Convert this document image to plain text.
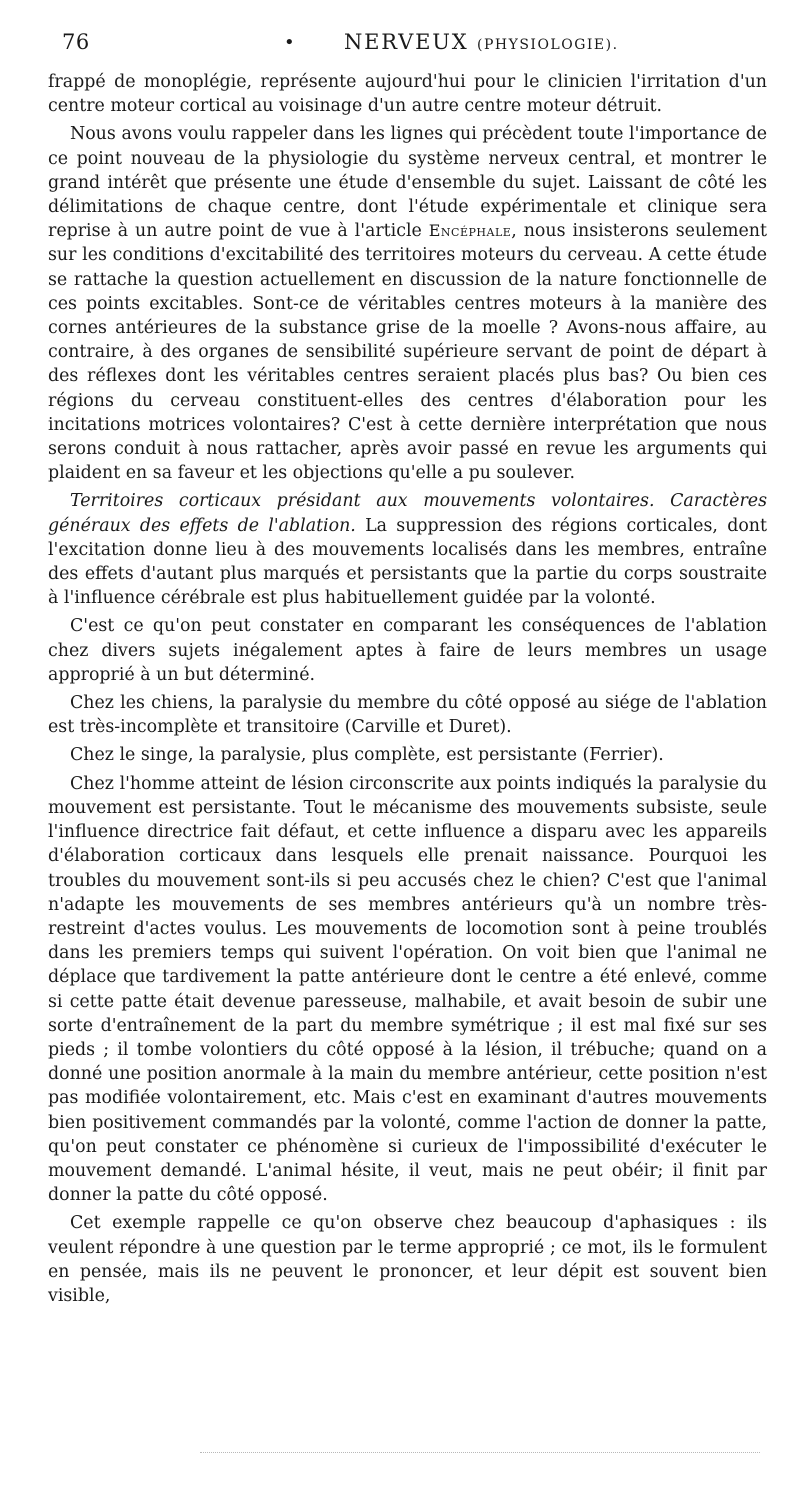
76	• NERVEUX (PHYSIOLOGIE).

frappé de monoplégie, représente aujourd'hui pour le clinicien l'irritation d'un centre moteur cortical au voisinage d'un autre centre moteur détruit.

Nous avons voulu rappeler dans les lignes qui précèdent toute l'importance de ce point nouveau de la physiologie du système nerveux central, et montrer le grand intérêt que présente une étude d'ensemble du sujet. Laissant de côté les délimitations de chaque centre, dont l'étude expérimentale et clinique sera reprise à un autre point de vue à l'article Encéphale, nous insisterons seulement sur les conditions d'excitabilité des territoires moteurs du cerveau. A cette étude se rattache la question actuellement en discussion de la nature fonctionnelle de ces points excitables. Sont-ce de véritables centres moteurs à la manière des cornes antérieures de la substance grise de la moelle ? Avons-nous affaire, au contraire, à des organes de sensibilité supérieure servant de point de départ à des réflexes dont les véritables centres seraient placés plus bas? Ou bien ces régions du cerveau constituent-elles des centres d'élaboration pour les incitations motrices volontaires? C'est à cette dernière interprétation que nous serons conduit à nous rattacher, après avoir passé en revue les arguments qui plaident en sa faveur et les objections qu'elle a pu soulever.

Territoires corticaux présidant aux mouvements volontaires. Caractères généraux des effets de l'ablation. La suppression des régions corticales, dont l'excitation donne lieu à des mouvements localisés dans les membres, entraîne des effets d'autant plus marqués et persistants que la partie du corps soustraite à l'influence cérébrale est plus habituellement guidée par la volonté.

C'est ce qu'on peut constater en comparant les conséquences de l'ablation chez divers sujets inégalement aptes à faire de leurs membres un usage approprié à un but déterminé.

Chez les chiens, la paralysie du membre du côté opposé au siége de l'ablation est très-incomplète et transitoire (Carville et Duret).

Chez le singe, la paralysie, plus complète, est persistante (Ferrier).

Chez l'homme atteint de lésion circonscrite aux points indiqués la paralysie du mouvement est persistante. Tout le mécanisme des mouvements subsiste, seule l'influence directrice fait défaut, et cette influence a disparu avec les appareils d'élaboration corticaux dans lesquels elle prenait naissance. Pourquoi les troubles du mouvement sont-ils si peu accusés chez le chien? C'est que l'animal n'adapte les mouvements de ses membres antérieurs qu'à un nombre très-restreint d'actes voulus. Les mouvements de locomotion sont à peine troublés dans les premiers temps qui suivent l'opération. On voit bien que l'animal ne déplace que tardivement la patte antérieure dont le centre a été enlevé, comme si cette patte était devenue paresseuse, malhabile, et avait besoin de subir une sorte d'entraînement de la part du membre symétrique ; il est mal fixé sur ses pieds ; il tombe volontiers du côté opposé à la lésion, il trébuche; quand on a donné une position anormale à la main du membre antérieur, cette position n'est pas modifiée volontairement, etc. Mais c'est en examinant d'autres mouvements bien positivement commandés par la volonté, comme l'action de donner la patte, qu'on peut constater ce phénomène si curieux de l'impossibilité d'exécuter le mouvement demandé. L'animal hésite, il veut, mais ne peut obéir; il finit par donner la patte du côté opposé.

Cet exemple rappelle ce qu'on observe chez beaucoup d'aphasiques : ils veulent répondre à une question par le terme approprié ; ce mot, ils le formulent en pensée, mais ils ne peuvent le prononcer, et leur dépit est souvent bien visible,
